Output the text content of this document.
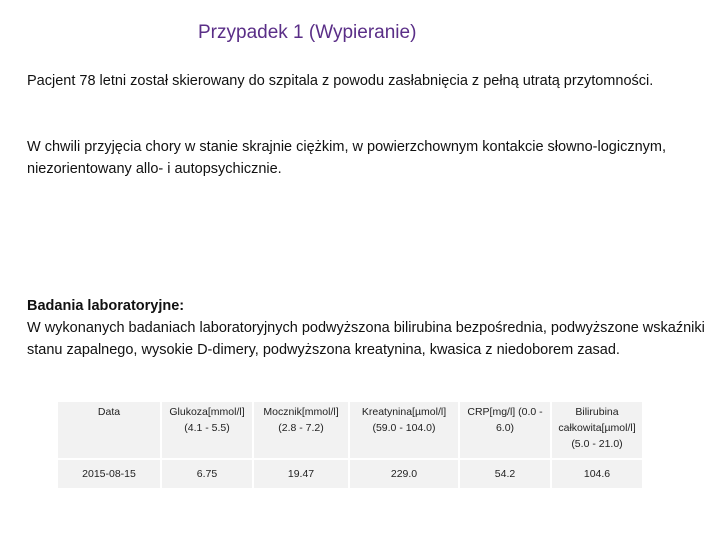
Przypadek 1 (Wypieranie)
Pacjent 78 letni został skierowany do szpitala z powodu zasłabnięcia z pełną utratą przytomności.
W chwili przyjęcia chory w stanie skrajnie ciężkim, w powierzchownym kontakcie słowno-logicznym, niezorientowany allo- i autopsychicznie.
Badania laboratoryjne:
W wykonanych badaniach laboratoryjnych podwyższona bilirubina bezpośrednia, podwyższone wskaźniki stanu zapalnego, wysokie D-dimery, podwyższona kreatynina, kwasica z niedoborem zasad.
Data	Glukoza[mmol/l] (4.1 - 5.5)	Mocznik[mmol/l] (2.8 - 7.2)	Kreatynina[µmol/l] (59.0 - 104.0)	CRP[mg/l] (0.0 - 6.0)	Bilirubina całkowita[µmol/l] (5.0 - 21.0)
2015-08-15	6.75	19.47	229.0	54.2	104.6
